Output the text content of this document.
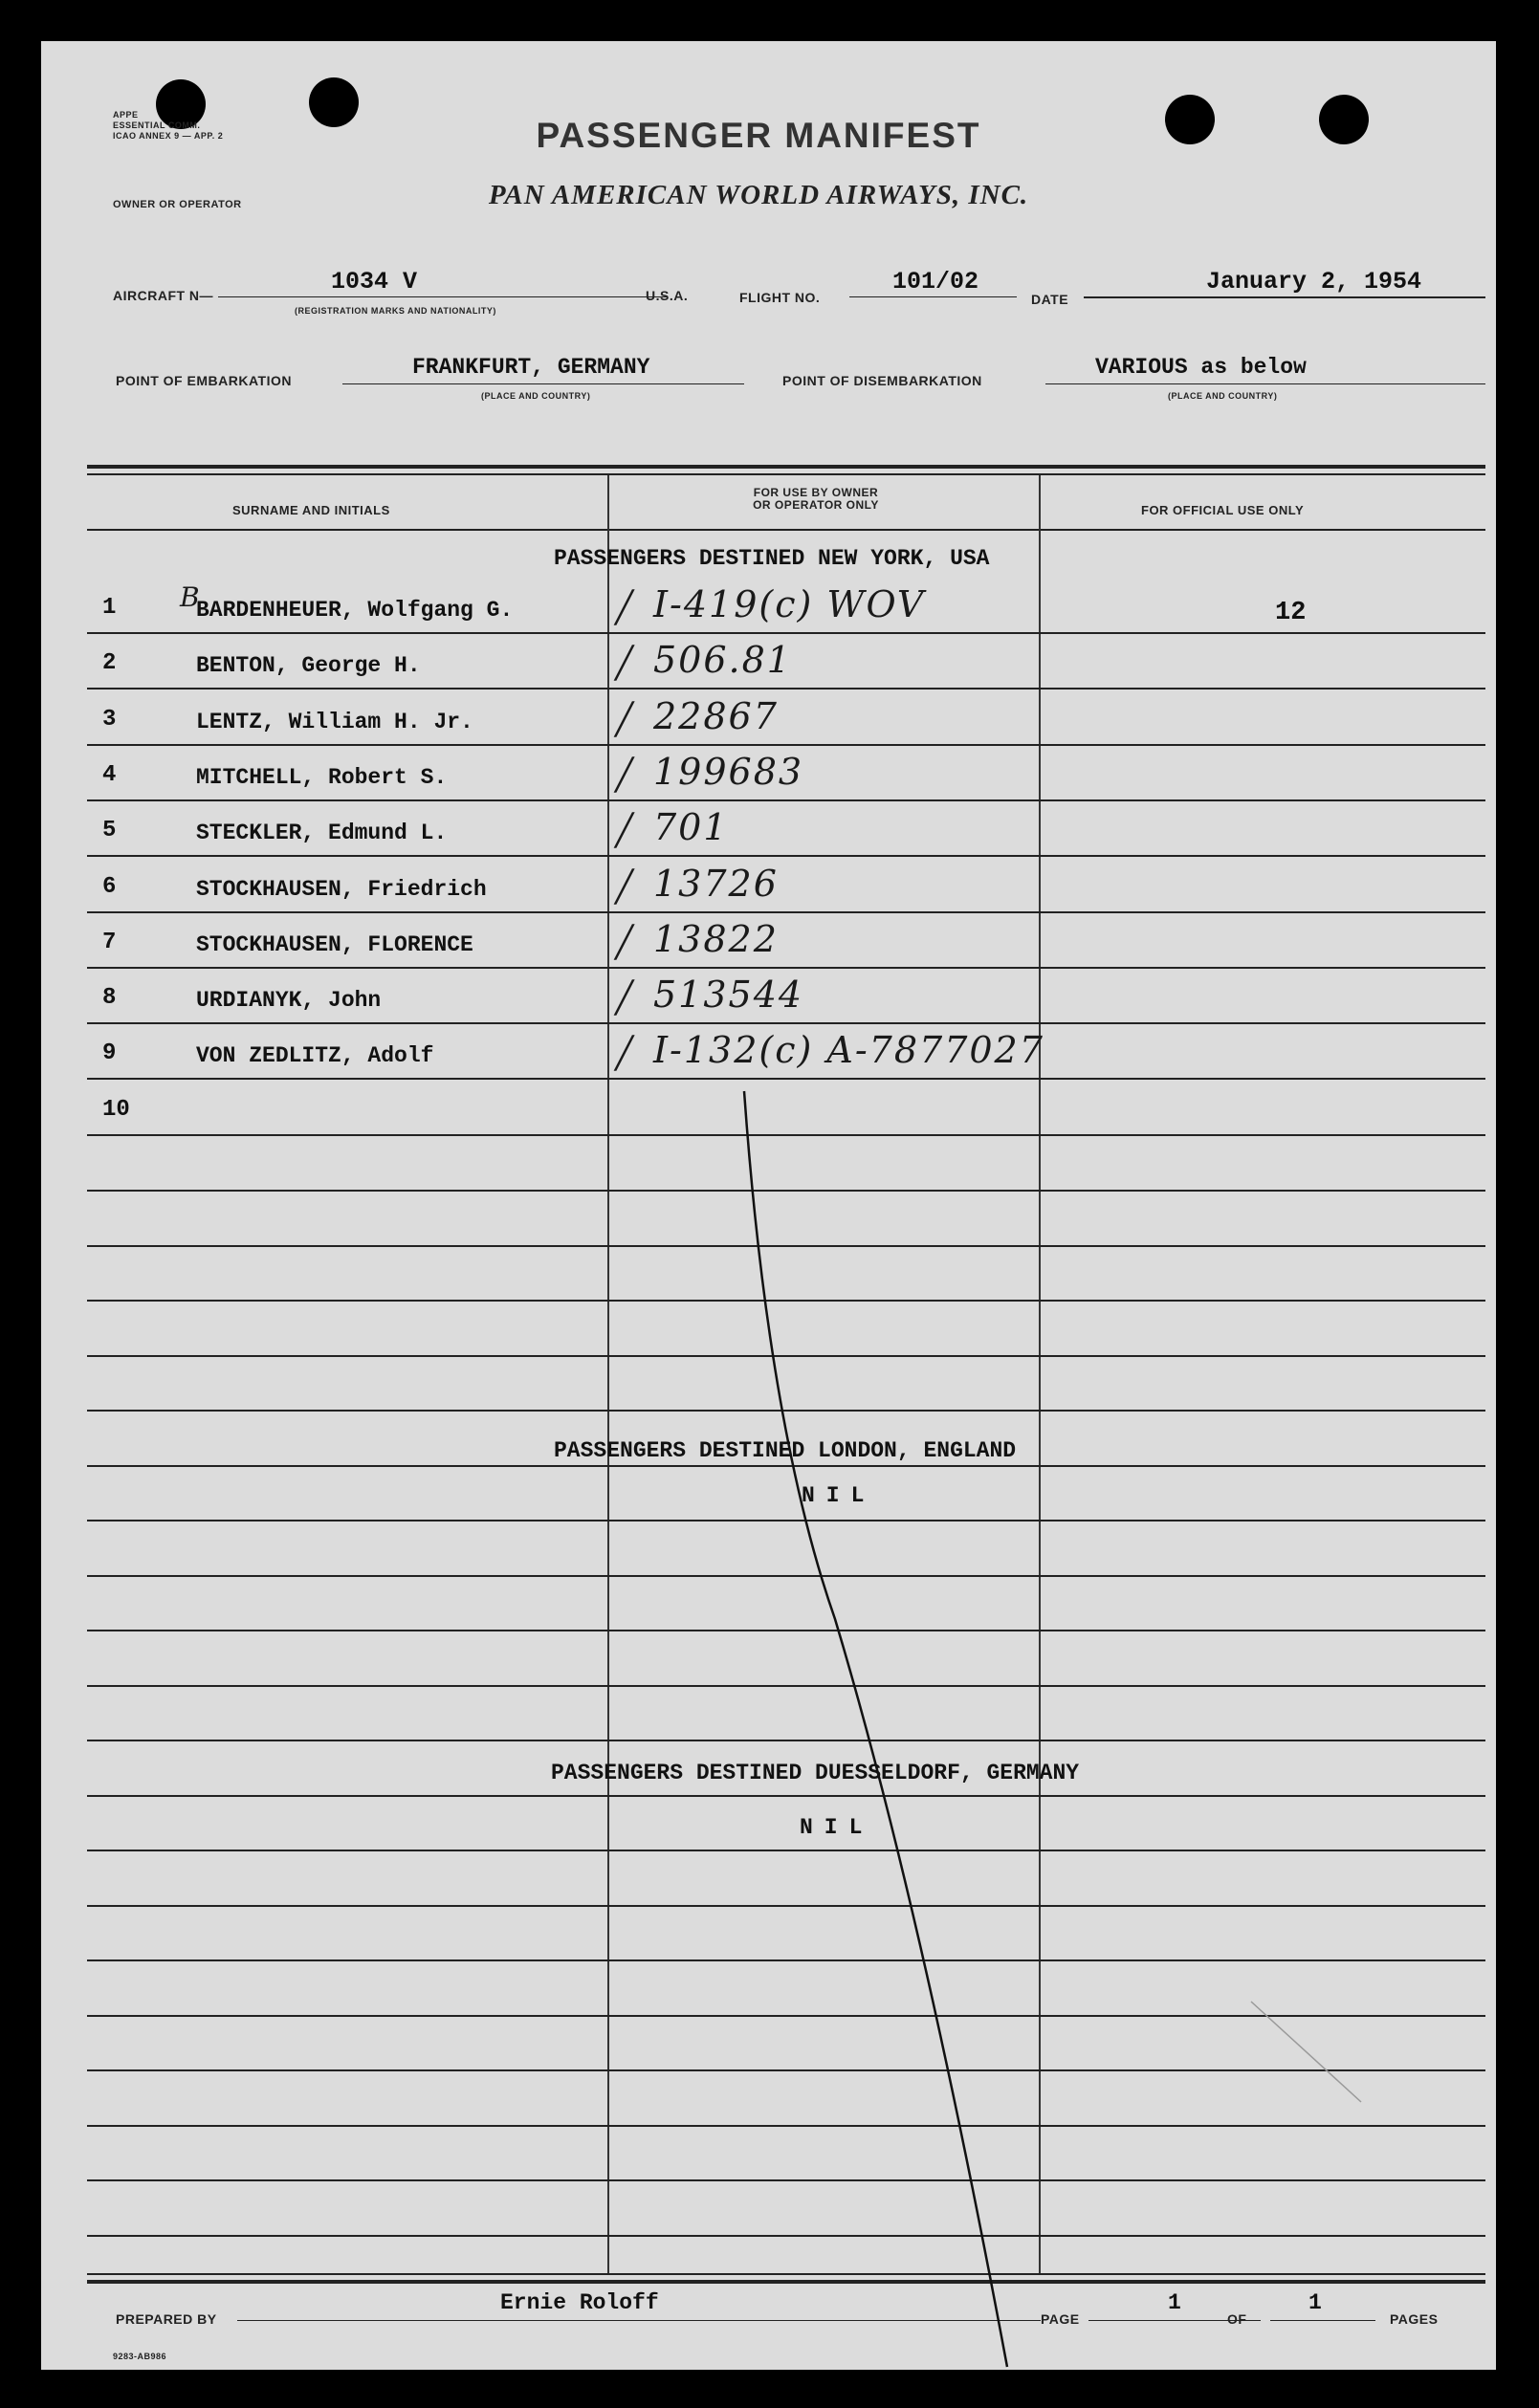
APPE
ESSENTIAL COMM.
ICAO ANNEX 9 — APP. 2
OWNER OR OPERATOR
PASSENGER MANIFEST
PAN AMERICAN WORLD AIRWAYS, INC.
AIRCRAFT N—	1034 V
(REGISTRATION MARKS AND NATIONALITY)
U.S.A.	FLIGHT NO.
101/02
DATE
January 2, 1954
POINT OF EMBARKATION
FRANKFURT, GERMANY
(PLACE AND COUNTRY)
POINT OF DISEMBARKATION
VARIOUS as below
(PLACE AND COUNTRY)
SURNAME AND INITIALS
FOR USE BY OWNER
OR OPERATOR ONLY	FOR OFFICIAL USE ONLY
PASSENGERS DESTINED NEW YORK, USA
1	BARDENHEUER, Wolfgang G.	╱ I-419(c) WOV	12
2	BENTON, George H.	╱ 506.81
3	LENTZ, William H. Jr.	╱ 22867
4	MITCHELL, Robert S.	╱ 199683
5	STECKLER, Edmund L.	╱ 701
6	STOCKHAUSEN, Friedrich	╱ 13726
7	STOCKHAUSEN, FLORENCE	╱ 13822
8	URDIANYK, John	╱ 513544
9	VON ZEDLITZ, Adolf	╱ I-132(c) A-7877027
10
B
PASSENGERS DESTINED LONDON, ENGLAND
NIL
PASSENGERS DESTINED DUESSELDORF, GERMANY
NIL
PREPARED BY
Ernie Roloff
PAGE
1
OF
1
PAGES
9283-AB986
